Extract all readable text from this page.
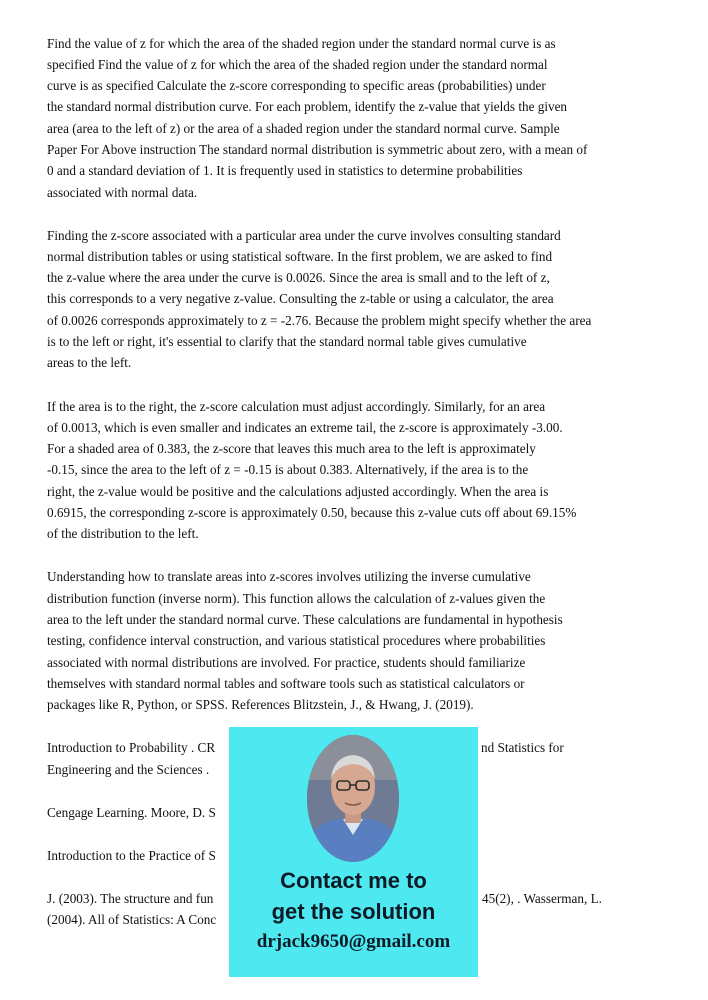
Find the value of z for which the area of the shaded region under the standard normal curve is as
specified Find the value of z for which the area of the shaded region under the standard normal
curve is as specified Calculate the z-score corresponding to specific areas (probabilities) under
the standard normal distribution curve. For each problem, identify the z-value that yields the given
area (area to the left of z) or the area of a shaded region under the standard normal curve. Sample
Paper For Above instruction The standard normal distribution is symmetric about zero, with a mean of
0 and a standard deviation of 1. It is frequently used in statistics to determine probabilities
associated with normal data.
Finding the z-score associated with a particular area under the curve involves consulting standard
normal distribution tables or using statistical software. In the first problem, we are asked to find
the z-value where the area under the curve is 0.0026. Since the area is small and to the left of z,
this corresponds to a very negative z-value. Consulting the z-table or using a calculator, the area
of 0.0026 corresponds approximately to z = -2.76. Because the problem might specify whether the area
is to the left or right, it's essential to clarify that the standard normal table gives cumulative
areas to the left.
If the area is to the right, the z-score calculation must adjust accordingly. Similarly, for an area
of 0.0013, which is even smaller and indicates an extreme tail, the z-score is approximately -3.00.
For a shaded area of 0.383, the z-score that leaves this much area to the left is approximately
-0.15, since the area to the left of z = -0.15 is about 0.383. Alternatively, if the area is to the
right, the z-value would be positive and the calculations adjusted accordingly. When the area is
0.6915, the corresponding z-score is approximately 0.50, because this z-value cuts off about 69.15%
of the distribution to the left.
Understanding how to translate areas into z-scores involves utilizing the inverse cumulative
distribution function (inverse norm). This function allows the calculation of z-values given the
area to the left under the standard normal curve. These calculations are fundamental in hypothesis
testing, confidence interval construction, and various statistical procedures where probabilities
associated with normal distributions are involved. For practice, students should familiarize
themselves with standard normal tables and software tools such as statistical calculators or
packages like R, Python, or SPSS. References Blitzstein, J., & Hwang, J. (2019).
Introduction to Probability . CR	nd Statistics for
Engineering and the Sciences .
Cengage Learning. Moore, D. S
Introduction to the Practice of S
J. (2003). The structure and fun	45(2), . Wasserman, L.
(2004). All of Statistics: A Conc
Contact me to
get the solution
drjack9650@gmail.com
